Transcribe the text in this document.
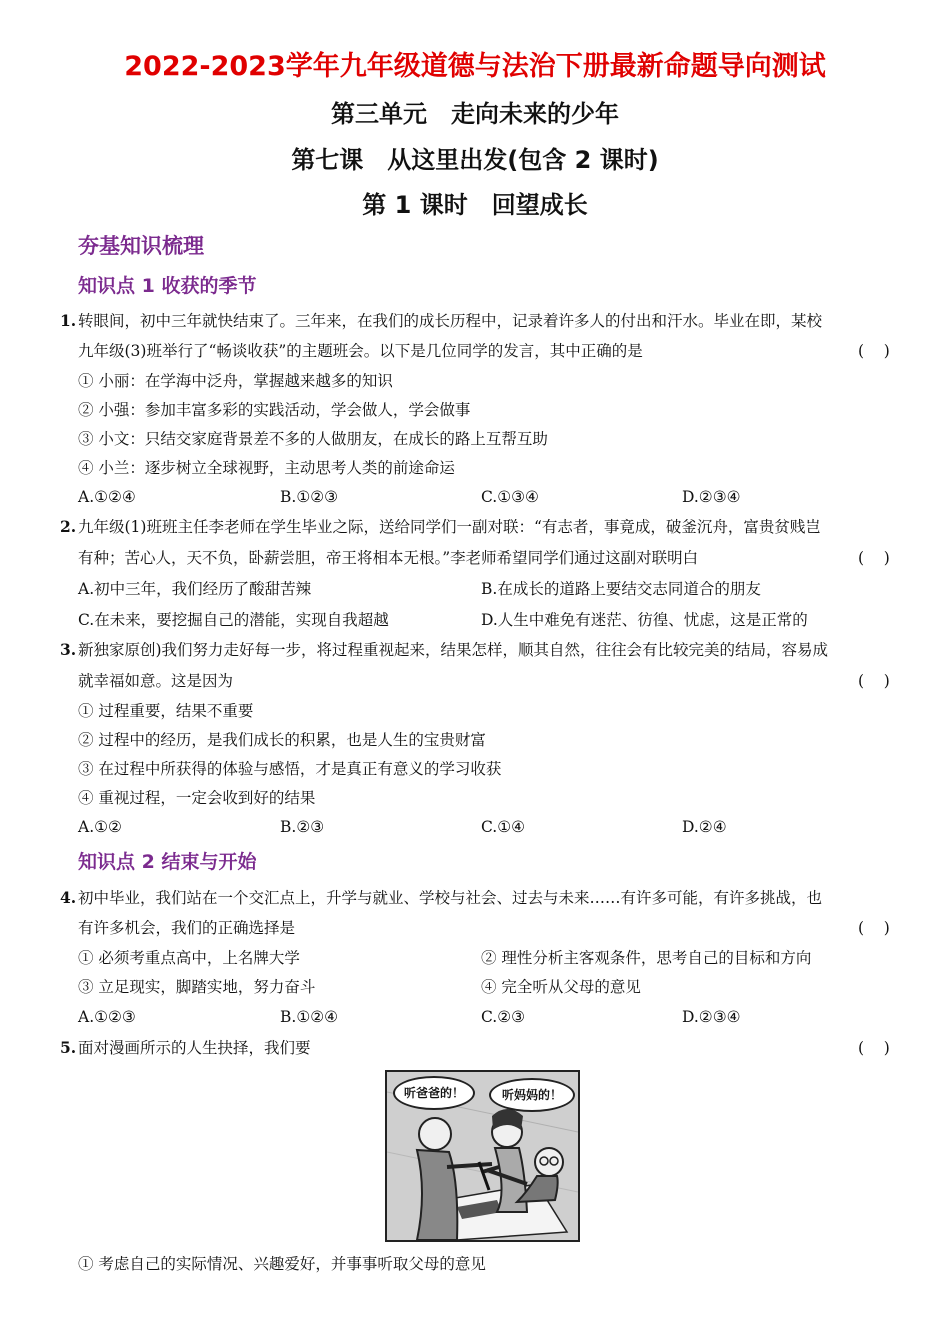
2022-2023学年九年级道德与法治下册最新命题导向测试
第三单元　走向未来的少年
第七课　从这里出发(包含 2 课时)
第 1 课时　回望成长
夯基知识梳理
知识点 1 收获的季节
1. 转眼间，初中三年就快结束了。三年来，在我们的成长历程中，记录着许多人的付出和汗水。毕业在即，某校
九年级(3)班举行了“畅谈收获”的主题班会。以下是几位同学的发言，其中正确的是	(    )
① 小丽：在学海中泛舟，掌握越来越多的知识
② 小强：参加丰富多彩的实践活动，学会做人，学会做事
③ 小文：只结交家庭背景差不多的人做朋友，在成长的路上互帮互助
④ 小兰：逐步树立全球视野，主动思考人类的前途命运
A.①②④	B.①②③	C.①③④	D.②③④
2. 九年级(1)班班主任李老师在学生毕业之际，送给同学们一副对联：“有志者，事竟成，破釜沉舟，富贵贫贱岂
有种；苦心人，天不负，卧薪尝胆，帝王将相本无根。”李老师希望同学们通过这副对联明白	(    )
A.初中三年，我们经历了酸甜苦辣	B.在成长的道路上要结交志同道合的朋友
C.在未来，要挖掘自己的潜能，实现自我超越	D.人生中难免有迷茫、彷徨、忧虑，这是正常的
3. 新独家原创)我们努力走好每一步，将过程重视起来，结果怎样，顺其自然，往往会有比较完美的结局，容易成
就幸福如意。这是因为	(    )
① 过程重要，结果不重要
② 过程中的经历，是我们成长的积累，也是人生的宝贵财富
③ 在过程中所获得的体验与感悟，才是真正有意义的学习收获
④ 重视过程，一定会收到好的结果
A.①②	B.②③	C.①④	D.②④
知识点 2 结束与开始
4. 初中毕业，我们站在一个交汇点上，升学与就业、学校与社会、过去与未来……有许多可能，有许多挑战，也
有许多机会，我们的正确选择是	(    )
① 必须考重点高中，上名牌大学	② 理性分析主客观条件，思考自己的目标和方向
③ 立足现实，脚踏实地，努力奋斗	④ 完全听从父母的意见
A.①②③	B.①②④	C.②③	D.②③④
5. 面对漫画所示的人生抉择，我们要	(    )
听爸爸的！	听妈妈的！
① 考虑自己的实际情况、兴趣爱好，并事事听取父母的意见
